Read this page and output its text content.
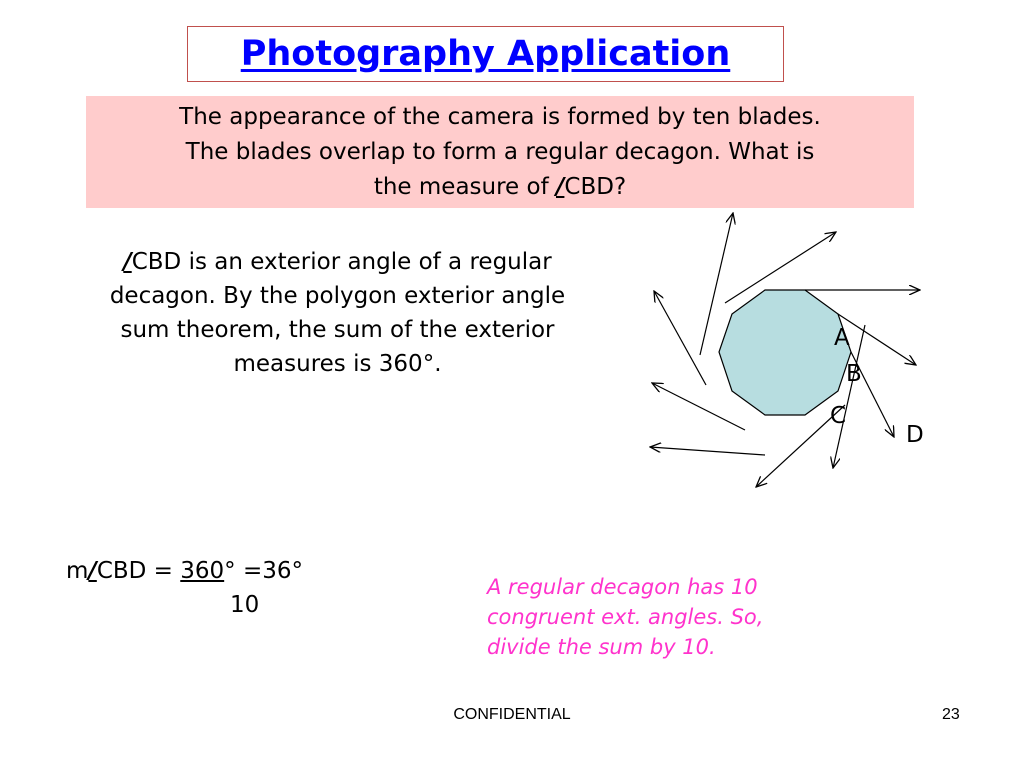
Photography Application
The appearance of the camera is formed by ten blades.
The blades overlap to form a regular decagon. What is
the measure of /CBD?
/CBD is an exterior angle of a regular
decagon. By the polygon exterior angle
sum theorem, the sum of the exterior
measures is 360°.
A
B
C
D
m/CBD = 360° =36°
10
A regular decagon has 10
congruent ext. angles. So,
divide the sum by 10.
CONFIDENTIAL	23
